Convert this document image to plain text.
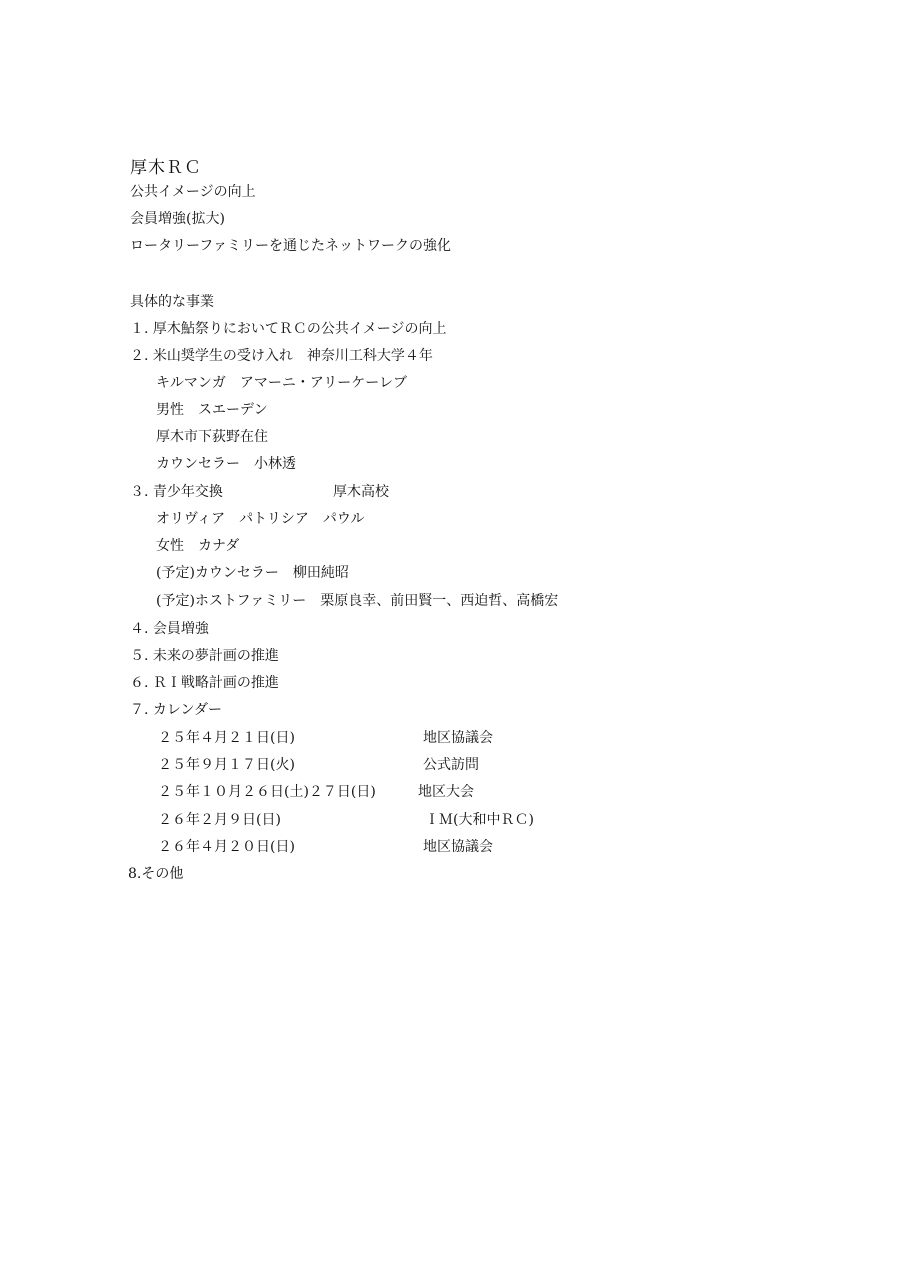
厚木ＲＣ
公共イメージの向上
会員増強(拡大)
ロータリーファミリーを通じたネットワークの強化
具体的な事業
１. 厚木鮎祭りにおいてＲＣの公共イメージの向上
２. 米山奨学生の受け入れ　神奈川工科大学４年
キルマンガ　アマーニ・アリーケーレブ
男性　スエーデン
厚木市下荻野在住
カウンセラー　小林透
３. 青少年交換	厚木高校
オリヴィア　パトリシア　パウル
女性　カナダ
(予定)カウンセラー　柳田純昭
(予定)ホストファミリー　栗原良幸、前田賢一、西迫哲、高橋宏
４. 会員増強
５. 未来の夢計画の推進
６. ＲＩ戦略計画の推進
７. カレンダー
２５年４月２１日(日)	地区協議会
２５年９月１７日(火)	公式訪問
２５年１０月２６日(土)２７日(日)	地区大会
２６年２月９日(日)	ＩＭ(大和中ＲＣ)
２６年４月２０日(日)	地区協議会
8.その他
